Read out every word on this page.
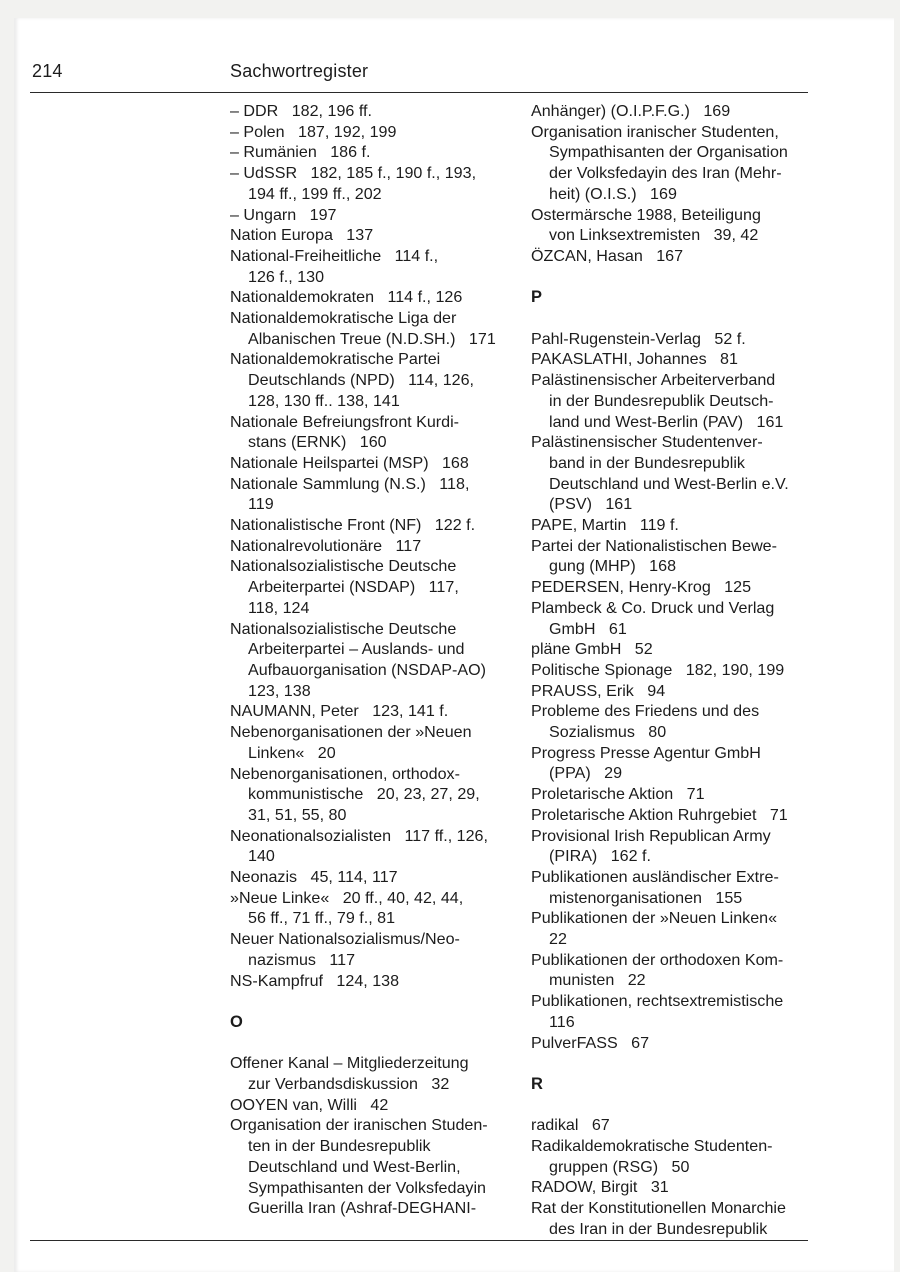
214	Sachwortregister
– DDR   182, 196 ff.
– Polen   187, 192, 199
– Rumänien   186 f.
– UdSSR   182, 185 f., 190 f., 193,
194 ff., 199 ff., 202
– Ungarn   197
Nation Europa   137
National-Freiheitliche   114 f.,
126 f., 130
Nationaldemokraten   114 f., 126
Nationaldemokratische Liga der
Albanischen Treue (N.D.SH.)   171
Nationaldemokratische Partei
Deutschlands (NPD)   114, 126,
128, 130 ff.. 138, 141
Nationale Befreiungsfront Kurdi-
stans (ERNK)   160
Nationale Heilspartei (MSP)   168
Nationale Sammlung (N.S.)   118,
119
Nationalistische Front (NF)   122 f.
Nationalrevolutionäre   117
Nationalsozialistische Deutsche
Arbeiterpartei (NSDAP)   117,
118, 124
Nationalsozialistische Deutsche
Arbeiterpartei – Auslands- und
Aufbauorganisation (NSDAP-AO)
123, 138
NAUMANN, Peter   123, 141 f.
Nebenorganisationen der »Neuen
Linken«   20
Nebenorganisationen, orthodox-
kommunistische   20, 23, 27, 29,
31, 51, 55, 80
Neonationalsozialisten   117 ff., 126,
140
Neonazis   45, 114, 117
»Neue Linke«   20 ff., 40, 42, 44,
56 ff., 71 ff., 79 f., 81
Neuer Nationalsozialismus/Neo-
nazismus   117
NS-Kampfruf   124, 138
O
Offener Kanal – Mitgliederzeitung
zur Verbandsdiskussion   32
OOYEN van, Willi   42
Organisation der iranischen Studen-
ten in der Bundesrepublik
Deutschland und West-Berlin,
Sympathisanten der Volksfedayin
Guerilla Iran (Ashraf-DEGHANI-
Anhänger) (O.I.P.F.G.)   169
Organisation iranischer Studenten,
Sympathisanten der Organisation
der Volksfedayin des Iran (Mehr-
heit) (O.I.S.)   169
Ostermärsche 1988, Beteiligung
von Linksextremisten   39, 42
ÖZCAN, Hasan   167
P
Pahl-Rugenstein-Verlag   52 f.
PAKASLATHI, Johannes   81
Palästinensischer Arbeiterverband
in der Bundesrepublik Deutsch-
land und West-Berlin (PAV)   161
Palästinensischer Studentenver-
band in der Bundesrepublik
Deutschland und West-Berlin e.V.
(PSV)   161
PAPE, Martin   119 f.
Partei der Nationalistischen Bewe-
gung (MHP)   168
PEDERSEN, Henry-Krog   125
Plambeck & Co. Druck und Verlag
GmbH   61
pläne GmbH   52
Politische Spionage   182, 190, 199
PRAUSS, Erik   94
Probleme des Friedens und des
Sozialismus   80
Progress Presse Agentur GmbH
(PPA)   29
Proletarische Aktion   71
Proletarische Aktion Ruhrgebiet   71
Provisional Irish Republican Army
(PIRA)   162 f.
Publikationen ausländischer Extre-
mistenorganisationen   155
Publikationen der »Neuen Linken«
22
Publikationen der orthodoxen Kom-
munisten   22
Publikationen, rechtsextremistische
116
PulverFASS   67
R
radikal   67
Radikaldemokratische Studenten-
gruppen (RSG)   50
RADOW, Birgit   31
Rat der Konstitutionellen Monarchie
des Iran in der Bundesrepublik
